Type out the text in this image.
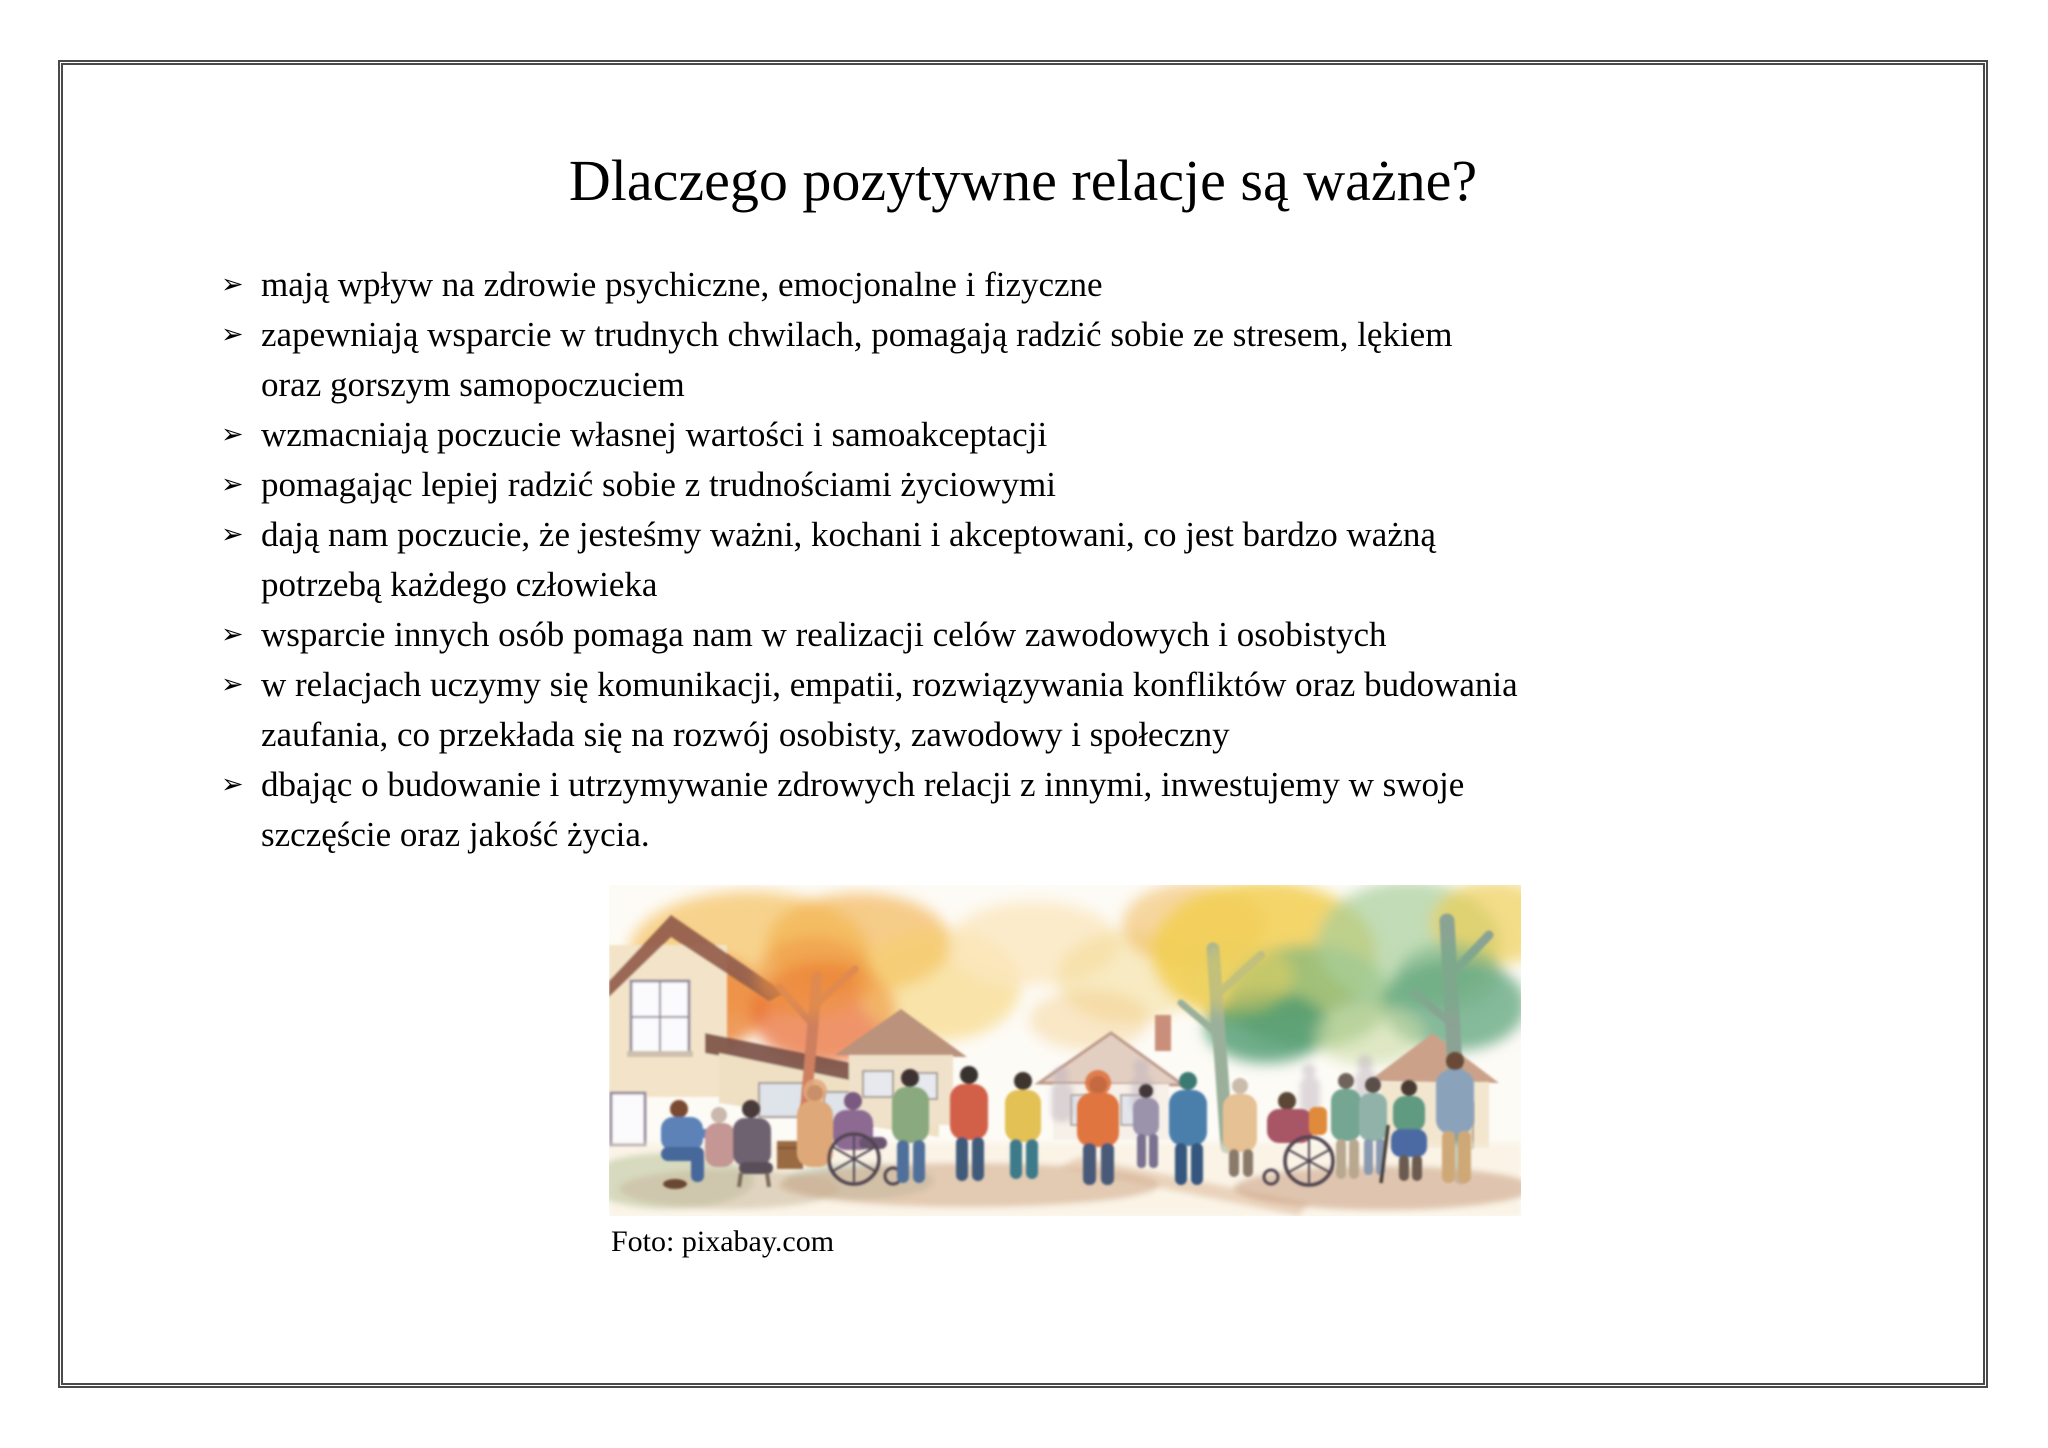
Dlaczego pozytywne relacje są ważne?
➢ mają wpływ na zdrowie psychiczne, emocjonalne i fizyczne
➢ zapewniają wsparcie w trudnych chwilach, pomagają radzić sobie ze stresem, lękiem
oraz gorszym samopoczuciem
➢ wzmacniają poczucie własnej wartości i samoakceptacji
➢ pomagając lepiej radzić sobie z trudnościami życiowymi
➢ dają nam poczucie, że jesteśmy ważni, kochani i akceptowani, co jest bardzo ważną
potrzebą każdego człowieka
➢ wsparcie innych osób pomaga nam w realizacji celów zawodowych i osobistych
➢ w relacjach uczymy się komunikacji, empatii, rozwiązywania konfliktów oraz budowania
zaufania, co przekłada się na rozwój osobisty, zawodowy i społeczny
➢ dbając o budowanie i utrzymywanie zdrowych relacji z innymi, inwestujemy w swoje
szczęście oraz jakość życia.
Foto: pixabay.com
